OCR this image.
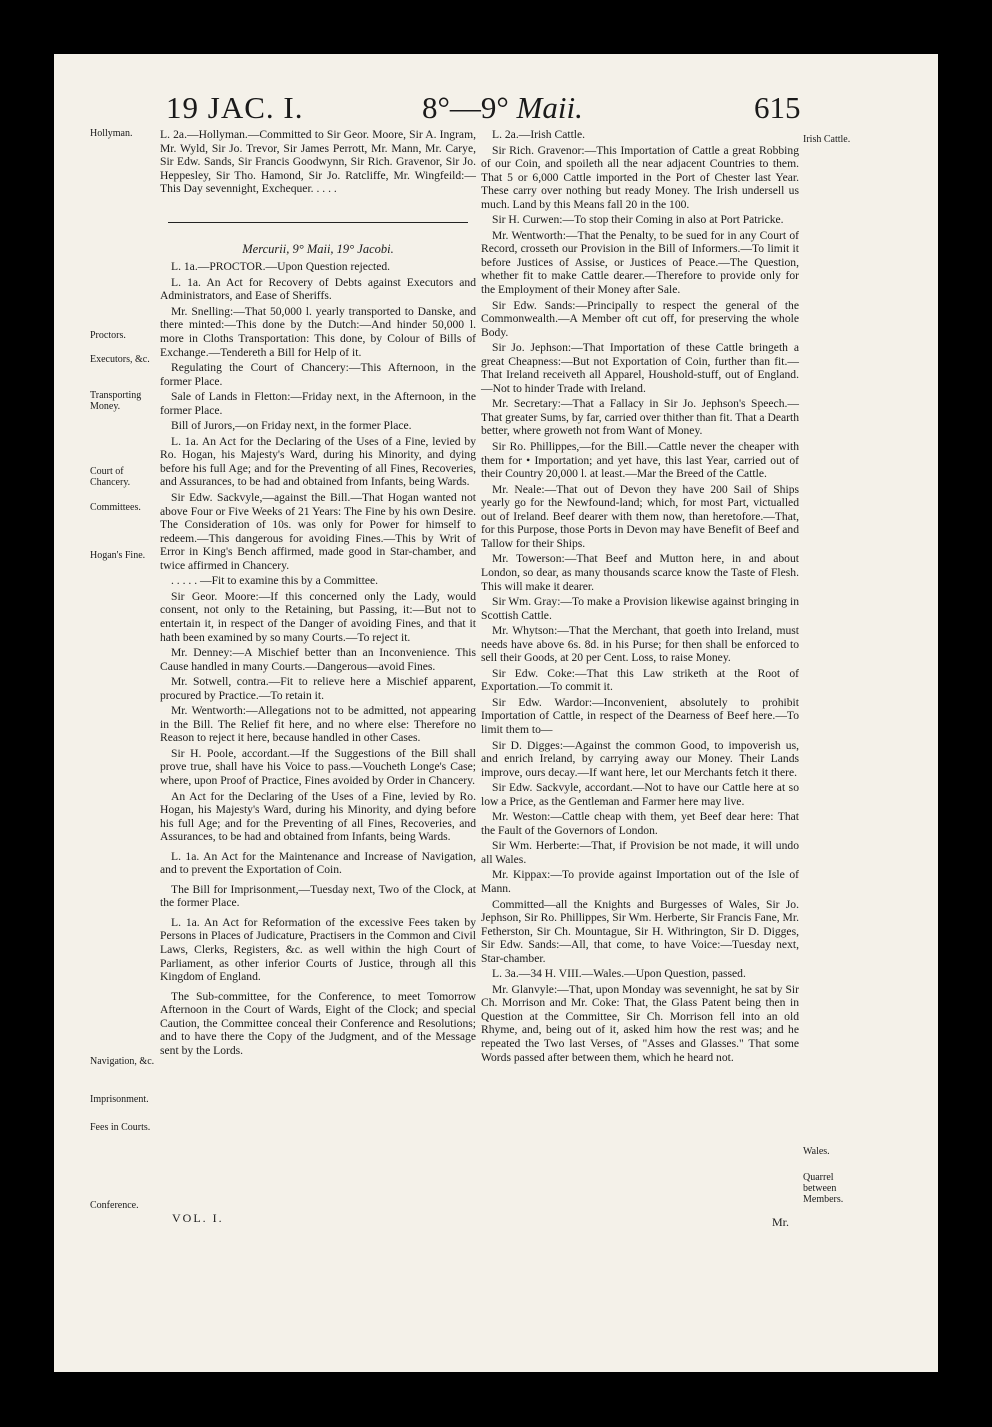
19 JAC. I.	8°—9° Maii.	615
Hollyman.
Proctors.
Executors, &c.
Transporting Money.
Court of Chancery.
Committees.
Hogan's Fine.
Navigation, &c.
Imprisonment.
Fees in Courts.
Conference.
Irish Cattle.
Wales.
Quarrel between Members.

L. 2a.—Hollyman.—Committed to Sir Geor. Moore, Sir A. Ingram, Mr. Wyld, Sir Jo. Trevor, Sir James Perrott, Mr. Mann, Mr. Carye, Sir Edw. Sands, Sir Francis Goodwynn, Sir Rich. Gravenor, Sir Jo. Heppesley, Sir Tho. Hamond, Sir Jo. Ratcliffe, Mr. Wingfeild:—This Day sevennight, Exchequer. . . . .

Mercurii, 9° Maii, 19° Jacobi.

L. 1a.—PROCTOR.—Upon Question rejected.

L. 1a. An Act for Recovery of Debts against Executors and Administrators, and Ease of Sheriffs.

Mr. Snelling:—That 50,000 l. yearly transported to Danske, and there minted:—This done by the Dutch:—And hinder 50,000 l. more in Cloths Transportation: This done, by Colour of Bills of Exchange.—Tendereth a Bill for Help of it.

Regulating the Court of Chancery:—This Afternoon, in the former Place.

Sale of Lands in Fletton:—Friday next, in the Afternoon, in the former Place.

Bill of Jurors,—on Friday next, in the former Place.

L. 1a. An Act for the Declaring of the Uses of a Fine, levied by Ro. Hogan, his Majesty's Ward, during his Minority, and dying before his full Age; and for the Preventing of all Fines, Recoveries, and Assurances, to be had and obtained from Infants, being Wards.

Sir Edw. Sackvyle,—against the Bill.—That Hogan wanted not above Four or Five Weeks of 21 Years: The Fine by his own Desire. The Consideration of 10s. was only for Power for himself to redeem.—This dangerous for avoiding Fines.—This by Writ of Error in King's Bench affirmed, made good in Star-chamber, and twice affirmed in Chancery.

. . . . . —Fit to examine this by a Committee.

Sir Geor. Moore:—If this concerned only the Lady, would consent, not only to the Retaining, but Passing, it:—But not to entertain it, in respect of the Danger of avoiding Fines, and that it hath been examined by so many Courts.—To reject it.

Mr. Denney:—A Mischief better than an Inconvenience. This Cause handled in many Courts.—Dangerous—avoid Fines.

Mr. Sotwell, contra.—Fit to relieve here a Mischief apparent, procured by Practice.—To retain it.

Mr. Wentworth:—Allegations not to be admitted, not appearing in the Bill. The Relief fit here, and no where else: Therefore no Reason to reject it here, because handled in other Cases.

Sir H. Poole, accordant.—If the Suggestions of the Bill shall prove true, shall have his Voice to pass.—Voucheth Longe's Case; where, upon Proof of Practice, Fines avoided by Order in Chancery.

An Act for the Declaring of the Uses of a Fine, levied by Ro. Hogan, his Majesty's Ward, during his Minority, and dying before his full Age; and for the Preventing of all Fines, Recoveries, and Assurances, to be had and obtained from Infants, being Wards.

L. 1a. An Act for the Maintenance and Increase of Navigation, and to prevent the Exportation of Coin.

The Bill for Imprisonment,—Tuesday next, Two of the Clock, at the former Place.

L. 1a. An Act for Reformation of the excessive Fees taken by Persons in Places of Judicature, Practisers in the Common and Civil Laws, Clerks, Registers, &c. as well within the high Court of Parliament, as other inferior Courts of Justice, through all this Kingdom of England.

The Sub-committee, for the Conference, to meet Tomorrow Afternoon in the Court of Wards, Eight of the Clock; and special Caution, the Committee conceal their Conference and Resolutions; and to have there the Copy of the Judgment, and of the Message sent by the Lords.

L. 2a.—Irish Cattle.

Sir Rich. Gravenor:—This Importation of Cattle a great Robbing of our Coin, and spoileth all the near adjacent Countries to them. That 5 or 6,000 Cattle imported in the Port of Chester last Year. These carry over nothing but ready Money. The Irish undersell us much. Land by this Means fall 20 in the 100.

Sir H. Curwen:—To stop their Coming in also at Port Patricke.

Mr. Wentworth:—That the Penalty, to be sued for in any Court of Record, crosseth our Provision in the Bill of Informers.—To limit it before Justices of Assise, or Justices of Peace.—The Question, whether fit to make Cattle dearer.—Therefore to provide only for the Employment of their Money after Sale.

Sir Edw. Sands:—Principally to respect the general of the Commonwealth.—A Member oft cut off, for preserving the whole Body.

Sir Jo. Jephson:—That Importation of these Cattle bringeth a great Cheapness:—But not Exportation of Coin, further than fit.—That Ireland receiveth all Apparel, Houshold-stuff, out of England.—Not to hinder Trade with Ireland.

Mr. Secretary:—That a Fallacy in Sir Jo. Jephson's Speech.—That greater Sums, by far, carried over thither than fit. That a Dearth better, where groweth not from Want of Money.

Sir Ro. Phillippes,—for the Bill.—Cattle never the cheaper with them for • Importation; and yet have, this last Year, carried out of their Country 20,000 l. at least.—Mar the Breed of the Cattle.

Mr. Neale:—That out of Devon they have 200 Sail of Ships yearly go for the Newfound-land; which, for most Part, victualled out of Ireland. Beef dearer with them now, than heretofore.—That, for this Purpose, those Ports in Devon may have Benefit of Beef and Tallow for their Ships.

Mr. Towerson:—That Beef and Mutton here, in and about London, so dear, as many thousands scarce know the Taste of Flesh. This will make it dearer.

Sir Wm. Gray:—To make a Provision likewise against bringing in Scottish Cattle.

Mr. Whytson:—That the Merchant, that goeth into Ireland, must needs have above 6s. 8d. in his Purse; for then shall be enforced to sell their Goods, at 20 per Cent. Loss, to raise Money.

Sir Edw. Coke:—That this Law striketh at the Root of Exportation.—To commit it.

Sir Edw. Wardor:—Inconvenient, absolutely to prohibit Importation of Cattle, in respect of the Dearness of Beef here.—To limit them to—

Sir D. Digges:—Against the common Good, to impoverish us, and enrich Ireland, by carrying away our Money. Their Lands improve, ours decay.—If want here, let our Merchants fetch it there.

Sir Edw. Sackvyle, accordant.—Not to have our Cattle here at so low a Price, as the Gentleman and Farmer here may live.

Mr. Weston:—Cattle cheap with them, yet Beef dear here: That the Fault of the Governors of London.

Sir Wm. Herberte:—That, if Provision be not made, it will undo all Wales.

Mr. Kippax:—To provide against Importation out of the Isle of Mann.

Committed—all the Knights and Burgesses of Wales, Sir Jo. Jephson, Sir Ro. Phillippes, Sir Wm. Herberte, Sir Francis Fane, Mr. Fetherston, Sir Ch. Mountague, Sir H. Withrington, Sir D. Digges, Sir Edw. Sands:—All, that come, to have Voice:—Tuesday next, Star-chamber.

L. 3a.—34 H. VIII.—Wales.—Upon Question, passed.

Mr. Glanvyle:—That, upon Monday was sevennight, he sat by Sir Ch. Morrison and Mr. Coke: That, the Glass Patent being then in Question at the Committee, Sir Ch. Morrison fell into an old Rhyme, and, being out of it, asked him how the rest was; and he repeated the Two last Verses, of "Asses and Glasses." That some Words passed after between them, which he heard not.

VOL. I.	Mr.
